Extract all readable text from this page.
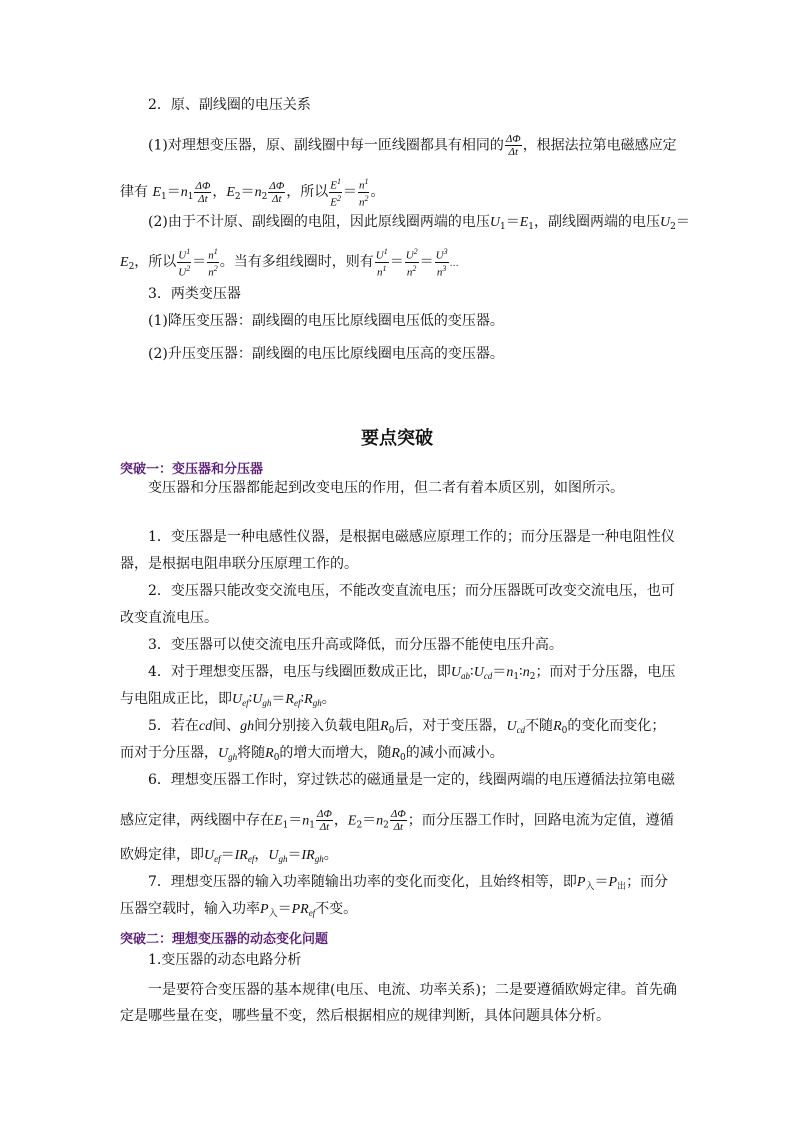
2．原、副线圈的电压关系
(1)对理想变压器，原、副线圈中每一匝线圈都具有相同的 $\frac{\Delta\Phi}{\Delta t}$ ，根据法拉第电磁感应定
律有 $E_1=n_1 \frac{\Delta\Phi}{\Delta t}$ ，$E_2=n_2 \frac{\Delta\Phi}{\Delta t}$ ，所以 $\frac{E^1}{E^2} = \frac{n^1}{n^2}$ 。
(2)由于不计原、副线圈的电阻，因此原线圈两端的电压$U_1=E_1$，副线圈两端的电压$U_2=$
$E_2$，所以 $\frac{U^1}{U^2} = \frac{n^1}{n^2}$ 。当有多组线圈时，则有 $\frac{U^1}{n^1} = \frac{U^2}{n^2} = \frac{U^3}{n^3}$ …
3．两类变压器
(1)降压变压器：副线圈的电压比原线圈电压低的变压器。
(2)升压变压器：副线圈的电压比原线圈电压高的变压器。
要点突破
突破一：变压器和分压器
变压器和分压器都能起到改变电压的作用，但二者有着本质区别，如图所示。
1．变压器是一种电感性仪器，是根据电磁感应原理工作的；而分压器是一种电阻性仪
器，是根据电阻串联分压原理工作的。
2．变压器只能改变交流电压，不能改变直流电压；而分压器既可改变交流电压，也可
改变直流电压。
3．变压器可以使交流电压升高或降低，而分压器不能使电压升高。
4．对于理想变压器，电压与线圈匝数成正比，即$U_{ab}∶U_{cd}=n_1∶n_2$；而对于分压器，电压
与电阻成正比，即$U_{ef}∶U_{gh}=R_{ef}∶R_{gh}$。
5．若在cd间、gh间分别接入负载电阻$R_0$后，对于变压器，$U_{cd}$不随$R_0$的变化而变化；
而对于分压器，$U_{gh}$将随$R_0$的增大而增大，随$R_0$的减小而减小。
6．理想变压器工作时，穿过铁芯的磁通量是一定的，线圈两端的电压遵循法拉第电磁
感应定律，两线圈中存在$E_1=n_1 \frac{\Delta\Phi}{\Delta t}$ ，$E_2=n_2 \frac{\Delta\Phi}{\Delta t}$ ；而分压器工作时，回路电流为定值，遵循
欧姆定律，即$U_{ef}=IR_{ef}$，$U_{gh}=IR_{gh}$。
7．理想变压器的输入功率随输出功率的变化而变化，且始终相等，即$P_入=P_出$；而分
压器空载时，输入功率$P_入=PR_{ef}$不变。
突破二：理想变压器的动态变化问题
1.变压器的动态电路分析
一是要符合变压器的基本规律(电压、电流、功率关系)；二是要遵循欧姆定律。首先确
定是哪些量在变，哪些量不变，然后根据相应的规律判断，具体问题具体分析。
